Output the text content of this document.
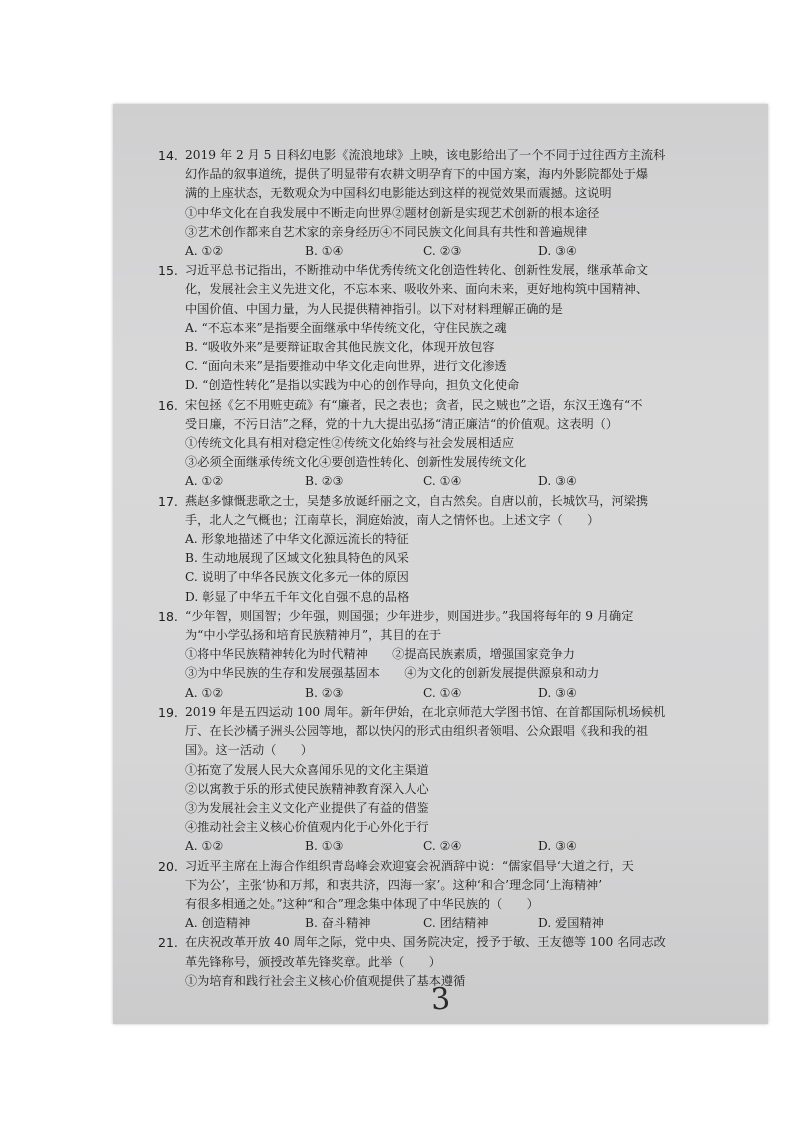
14. 2019 年 2 月 5 日科幻电影《流浪地球》上映，该电影给出了一个不同于过往西方主流科
幻作品的叙事道统，提供了明显带有农耕文明孕育下的中国方案，海内外影院都处于爆
满的上座状态，无数观众为中国科幻电影能达到这样的视觉效果而震撼。这说明
①中华文化在自我发展中不断走向世界②题材创新是实现艺术创新的根本途径
③艺术创作都来自艺术家的亲身经历④不同民族文化间具有共性和普遍规律
A. ①②	B. ①④	C. ②③	D. ③④
15. 习近平总书记指出，不断推动中华优秀传统文化创造性转化、创新性发展，继承革命文
化，发展社会主义先进文化，不忘本来、吸收外来、面向未来，更好地构筑中国精神、
中国价值、中国力量，为人民提供精神指引。以下对材料理解正确的是
A. “不忘本来”是指要全面继承中华传统文化，守住民族之魂
B. “吸收外来”是要辩证取舍其他民族文化，体现开放包容
C. “面向未来”是指要推动中华文化走向世界，进行文化渗透
D. “创造性转化”是指以实践为中心的创作导向，担负文化使命
16. 宋包拯《乞不用赃吏疏》有“廉者，民之表也；贪者，民之贼也”之语，东汉王逸有“不
受日廉，不污日洁”之释，党的十九大提出弘扬“清正廉洁“的价值观。这表明（）
①传统文化具有相对稳定性②传统文化始终与社会发展相适应
③必须全面继承传统文化④要创造性转化、创新性发展传统文化
A. ①②	B. ②③	C. ①④	D. ③④
17. 燕赵多慷慨悲歌之士，吴楚多放诞纤丽之文，自古然矣。自唐以前，长城饮马，河梁携
手，北人之气概也；江南草长，洞庭始波，南人之情怀也。上述文字（　　）
A. 形象地描述了中华文化源远流长的特征
B. 生动地展现了区域文化独具特色的风采
C. 说明了中华各民族文化多元一体的原因
D. 彰显了中华五千年文化自强不息的品格
18. “少年智，则国智；少年强，则国强；少年进步，则国进步。”我国将每年的 9 月确定
为“中小学弘扬和培育民族精神月”，其目的在于
①将中华民族精神转化为时代精神　　②提高民族素质，增强国家竞争力
③为中华民族的生存和发展强基固本　　④为文化的创新发展提供源泉和动力
A. ①②	B. ②③	C. ①④	D. ③④
19. 2019 年是五四运动 100 周年。新年伊始，在北京师范大学图书馆、在首都国际机场候机
厅、在长沙橘子洲头公园等地，都以快闪的形式由组织者领唱、公众跟唱《我和我的祖
国》。这一活动（　　）
①拓宽了发展人民大众喜闻乐见的文化主渠道
②以寓教于乐的形式使民族精神教育深入人心
③为发展社会主义文化产业提供了有益的借鉴
④推动社会主义核心价值观内化于心外化于行
A. ①②	B. ①③	C. ②④	D. ③④
20. 习近平主席在上海合作组织青岛峰会欢迎宴会祝酒辞中说：“儒家倡导‘大道之行，天
下为公’，主张‘协和万邦，和衷共济，四海一家’。这种‘和合’理念同‘上海精神’
有很多相通之处。”这种“和合”理念集中体现了中华民族的（　　）
A. 创造精神	B. 奋斗精神	C. 团结精神	D. 爱国精神
21. 在庆祝改革开放 40 周年之际，党中央、国务院决定，授予于敏、王友德等 100 名同志改
革先锋称号，颁授改革先锋奖章。此举（　　）
①为培育和践行社会主义核心价值观提供了基本遵循
3
